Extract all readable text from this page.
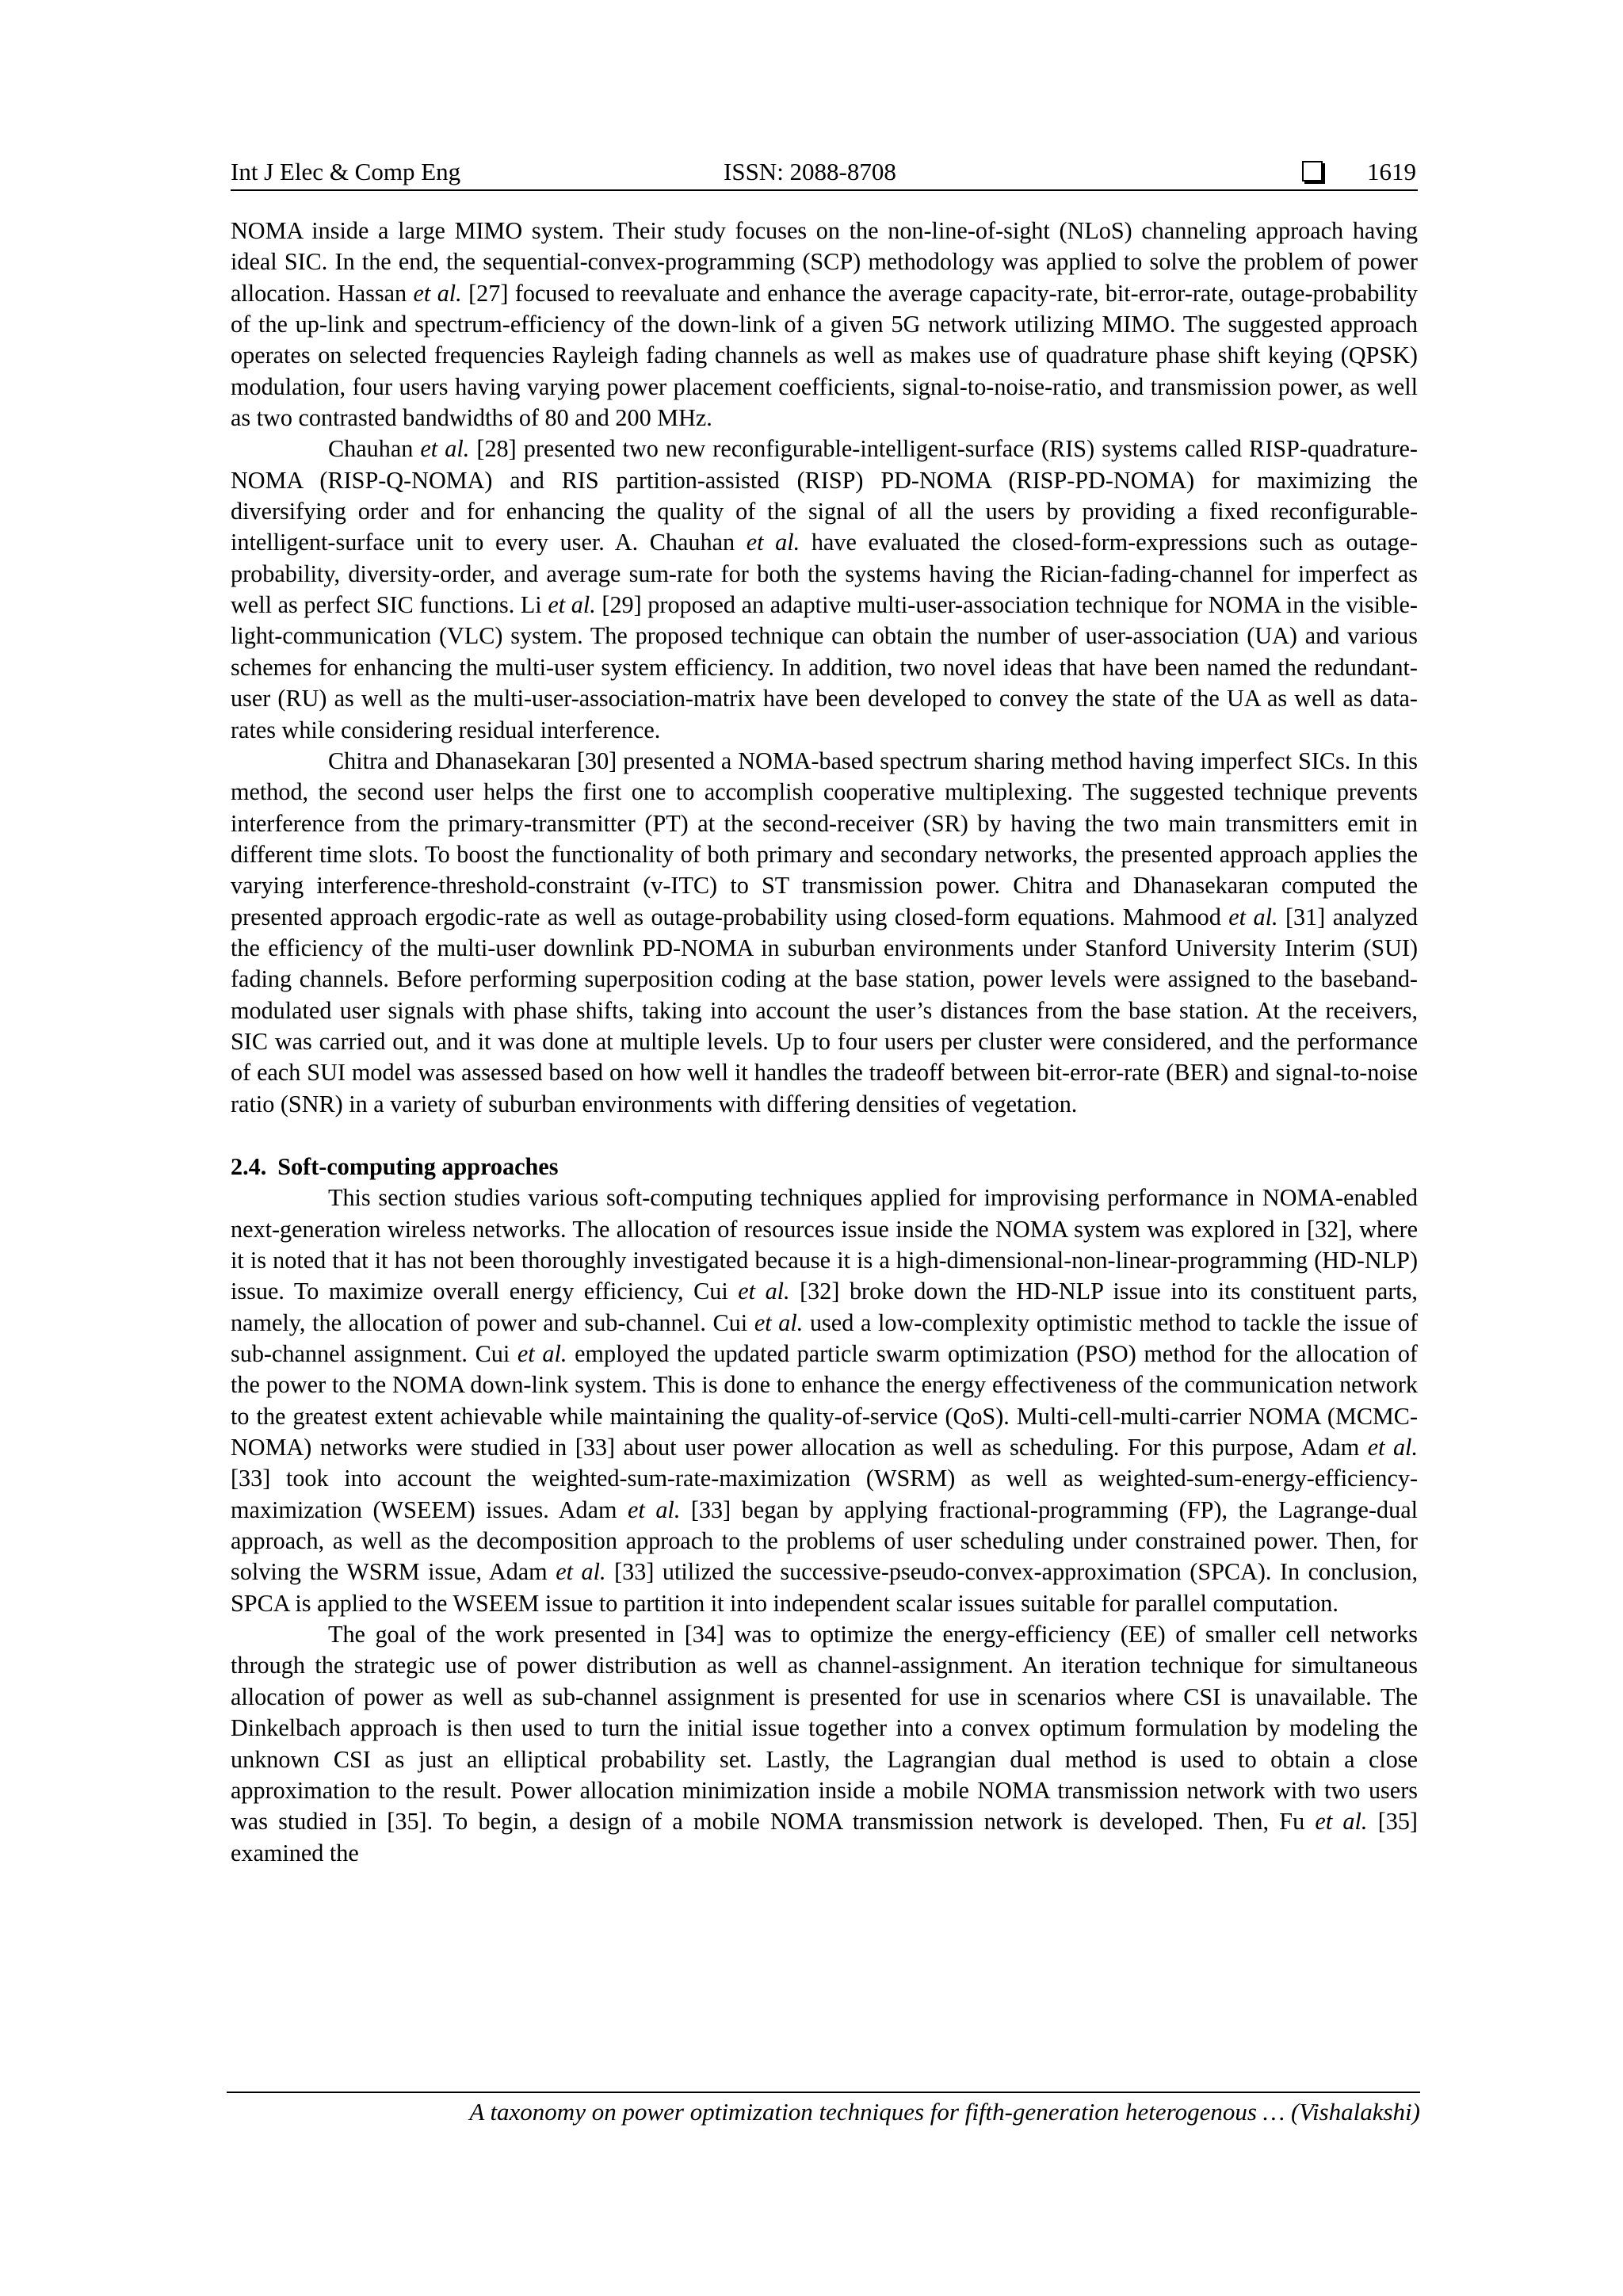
Int J Elec & Comp Eng	ISSN: 2088-8708	1619

NOMA inside a large MIMO system. Their study focuses on the non-line-of-sight (NLoS) channeling approach having ideal SIC. In the end, the sequential-convex-programming (SCP) methodology was applied to solve the problem of power allocation. Hassan et al. [27] focused to reevaluate and enhance the average capacity-rate, bit-error-rate, outage-probability of the up-link and spectrum-efficiency of the down-link of a given 5G network utilizing MIMO. The suggested approach operates on selected frequencies Rayleigh fading channels as well as makes use of quadrature phase shift keying (QPSK) modulation, four users having varying power placement coefficients, signal-to-noise-ratio, and transmission power, as well as two contrasted bandwidths of 80 and 200 MHz.

Chauhan et al. [28] presented two new reconfigurable-intelligent-surface (RIS) systems called RISP-quadrature-NOMA (RISP-Q-NOMA) and RIS partition-assisted (RISP) PD-NOMA (RISP-PD-NOMA) for maximizing the diversifying order and for enhancing the quality of the signal of all the users by providing a fixed reconfigurable-intelligent-surface unit to every user. A. Chauhan et al. have evaluated the closed-form-expressions such as outage-probability, diversity-order, and average sum-rate for both the systems having the Rician-fading-channel for imperfect as well as perfect SIC functions. Li et al. [29] proposed an adaptive multi-user-association technique for NOMA in the visible-light-communication (VLC) system. The proposed technique can obtain the number of user-association (UA) and various schemes for enhancing the multi-user system efficiency. In addition, two novel ideas that have been named the redundant-user (RU) as well as the multi-user-association-matrix have been developed to convey the state of the UA as well as data-rates while considering residual interference.

Chitra and Dhanasekaran [30] presented a NOMA-based spectrum sharing method having imperfect SICs. In this method, the second user helps the first one to accomplish cooperative multiplexing. The suggested technique prevents interference from the primary-transmitter (PT) at the second-receiver (SR) by having the two main transmitters emit in different time slots. To boost the functionality of both primary and secondary networks, the presented approach applies the varying interference-threshold-constraint (v-ITC) to ST transmission power. Chitra and Dhanasekaran computed the presented approach ergodic-rate as well as outage-probability using closed-form equations. Mahmood et al. [31] analyzed the efficiency of the multi-user downlink PD-NOMA in suburban environments under Stanford University Interim (SUI) fading channels. Before performing superposition coding at the base station, power levels were assigned to the baseband-modulated user signals with phase shifts, taking into account the user’s distances from the base station. At the receivers, SIC was carried out, and it was done at multiple levels. Up to four users per cluster were considered, and the performance of each SUI model was assessed based on how well it handles the tradeoff between bit-error-rate (BER) and signal-to-noise ratio (SNR) in a variety of suburban environments with differing densities of vegetation.

2.4. Soft-computing approaches

This section studies various soft-computing techniques applied for improvising performance in NOMA-enabled next-generation wireless networks. The allocation of resources issue inside the NOMA system was explored in [32], where it is noted that it has not been thoroughly investigated because it is a high-dimensional-non-linear-programming (HD-NLP) issue. To maximize overall energy efficiency, Cui et al. [32] broke down the HD-NLP issue into its constituent parts, namely, the allocation of power and sub-channel. Cui et al. used a low-complexity optimistic method to tackle the issue of sub-channel assignment. Cui et al. employed the updated particle swarm optimization (PSO) method for the allocation of the power to the NOMA down-link system. This is done to enhance the energy effectiveness of the communication network to the greatest extent achievable while maintaining the quality-of-service (QoS). Multi-cell-multi-carrier NOMA (MCMC-NOMA) networks were studied in [33] about user power allocation as well as scheduling. For this purpose, Adam et al. [33] took into account the weighted-sum-rate-maximization (WSRM) as well as weighted-sum-energy-efficiency-maximization (WSEEM) issues. Adam et al. [33] began by applying fractional-programming (FP), the Lagrange-dual approach, as well as the decomposition approach to the problems of user scheduling under constrained power. Then, for solving the WSRM issue, Adam et al. [33] utilized the successive-pseudo-convex-approximation (SPCA). In conclusion, SPCA is applied to the WSEEM issue to partition it into independent scalar issues suitable for parallel computation.

The goal of the work presented in [34] was to optimize the energy-efficiency (EE) of smaller cell networks through the strategic use of power distribution as well as channel-assignment. An iteration technique for simultaneous allocation of power as well as sub-channel assignment is presented for use in scenarios where CSI is unavailable. The Dinkelbach approach is then used to turn the initial issue together into a convex optimum formulation by modeling the unknown CSI as just an elliptical probability set. Lastly, the Lagrangian dual method is used to obtain a close approximation to the result. Power allocation minimization inside a mobile NOMA transmission network with two users was studied in [35]. To begin, a design of a mobile NOMA transmission network is developed. Then, Fu et al. [35] examined the

A taxonomy on power optimization techniques for fifth-generation heterogenous … (Vishalakshi)
